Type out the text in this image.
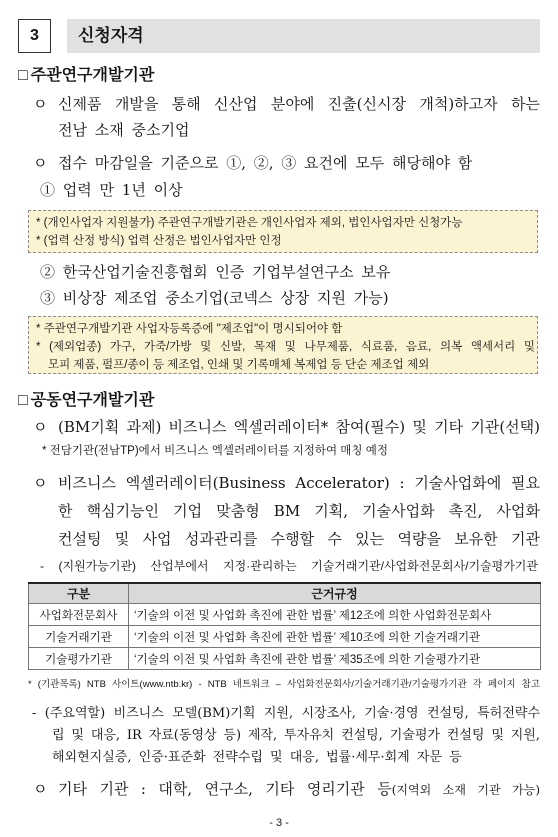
3	신청자격
□ 주관연구개발기관
ㅇ 신제품 개발을 통해 신산업 분야에 진출(신시장 개척)하고자 하는
전남 소재 중소기업
ㅇ 접수 마감일을 기준으로 ①, ②, ③ 요건에 모두 해당해야 함
① 업력 만 1년 이상
* (개인사업자 지원불가) 주관연구개발기관은 개인사업자 제외, 법인사업자만 신청가능
* (업력 산정 방식) 업력 산정은 법인사업자만 인정
② 한국산업기술진흥협회 인증 기업부설연구소 보유
③ 비상장 제조업 중소기업(코넥스 상장 지원 가능)
* 주관연구개발기관 사업자등록증에 "제조업"이 명시되어야 함
* (제외업종) 가구, 가죽/가방 및 신발, 목재 및 나무제품, 식료품, 음료, 의복 액세서리 및
모피 제품, 펄프/종이 등 제조업, 인쇄 및 기록매체 복제업 등 단순 제조업 제외
□ 공동연구개발기관
ㅇ (BM기획 과제) 비즈니스 엑셀러레이터* 참여(필수) 및 기타 기관(선택)
* 전담기관(전남TP)에서 비즈니스 엑셀러레이터를 지정하여 매칭 예정
ㅇ 비즈니스 엑셀러레이터(Business Accelerator) : 기술사업화에 필요
한 핵심기능인 기업 맞춤형 BM 기획, 기술사업화 촉진, 사업화
컨설팅 및 사업 성과관리를 수행할 수 있는 역량을 보유한 기관
- (지원가능기관) 산업부에서 지정·관리하는 기술거래기관/사업화전문회사/기술평가기관
구분	근거규정
사업화전문회사	‘기술의 이전 및 사업화 촉진에 관한 법률’ 제12조에 의한 사업화전문회사
기술거래기관	‘기술의 이전 및 사업화 촉진에 관한 법률’ 제10조에 의한 기술거래기관
기술평가기관	‘기술의 이전 및 사업화 촉진에 관한 법률’ 제35조에 의한 기술평가기관
* (기관목록) NTB 사이트(www.ntb.kr) - NTB 네트워크 – 사업화전문회사/기술거래기관/기술평가기관 각 페이지 참고
- (주요역할) 비즈니스 모델(BM)기획 지원, 시장조사, 기술·경영 컨설팅, 특허전략수
립 및 대응, IR 자료(동영상 등) 제작, 투자유치 컨설팅, 기술평가 컨설팅 및 지원,
해외현지실증, 인증·표준화 전략수립 및 대응, 법률·세무·회계 자문 등
ㅇ 기타 기관 : 대학, 연구소, 기타 영리기관 등(지역외 소재 기관 가능)
- 3 -
